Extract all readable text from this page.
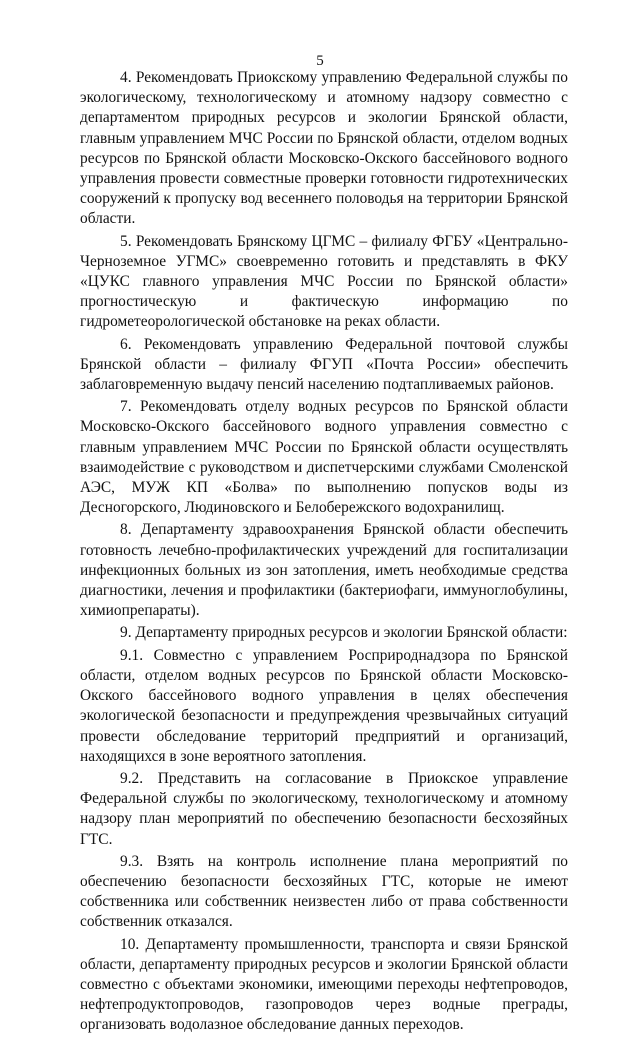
5

4. Рекомендовать Приокскому управлению Федеральной службы по экологическому, технологическому и атомному надзору совместно с департаментом природных ресурсов и экологии Брянской области, главным управлением МЧС России по Брянской области, отделом водных ресурсов по Брянской области Московско-Окского бассейнового водного управления провести совместные проверки готовности гидротехнических сооружений к пропуску вод весеннего половодья на территории Брянской области.

5. Рекомендовать Брянскому ЦГМС – филиалу ФГБУ «Центрально-Черноземное УГМС» своевременно готовить и представлять в ФКУ «ЦУКС главного управления МЧС России по Брянской области» прогностическую и фактическую информацию по гидрометеорологической обстановке на реках области.

6. Рекомендовать управлению Федеральной почтовой службы Брянской области – филиалу ФГУП «Почта России» обеспечить заблаговременную выдачу пенсий населению подтапливаемых районов.

7. Рекомендовать отделу водных ресурсов по Брянской области Московско-Окского бассейнового водного управления совместно с главным управлением МЧС России по Брянской области осуществлять взаимодействие с руководством и диспетчерскими службами Смоленской АЭС, МУЖ КП «Болва» по выполнению попусков воды из Десногорского, Людиновского и Белобережского водохранилищ.

8. Департаменту здравоохранения Брянской области обеспечить готовность лечебно-профилактических учреждений для госпитализации инфекционных больных из зон затопления, иметь необходимые средства диагностики, лечения и профилактики (бактериофаги, иммуноглобулины, химиопрепараты).

9. Департаменту природных ресурсов и экологии Брянской области:

9.1. Совместно с управлением Росприроднадзора по Брянской области, отделом водных ресурсов по Брянской области Московско-Окского бассейнового водного управления в целях обеспечения экологической безопасности и предупреждения чрезвычайных ситуаций провести обследование территорий предприятий и организаций, находящихся в зоне вероятного затопления.

9.2. Представить на согласование в Приокское управление Федеральной службы по экологическому, технологическому и атомному надзору план мероприятий по обеспечению безопасности бесхозяйных ГТС.

9.3. Взять на контроль исполнение плана мероприятий по обеспечению безопасности бесхозяйных ГТС, которые не имеют собственника или собственник неизвестен либо от права собственности собственник отказался.

10. Департаменту промышленности, транспорта и связи Брянской области, департаменту природных ресурсов и экологии Брянской области совместно с объектами экономики, имеющими переходы нефтепроводов, нефтепродуктопроводов, газопроводов через водные преграды, организовать водолазное обследование данных переходов.
